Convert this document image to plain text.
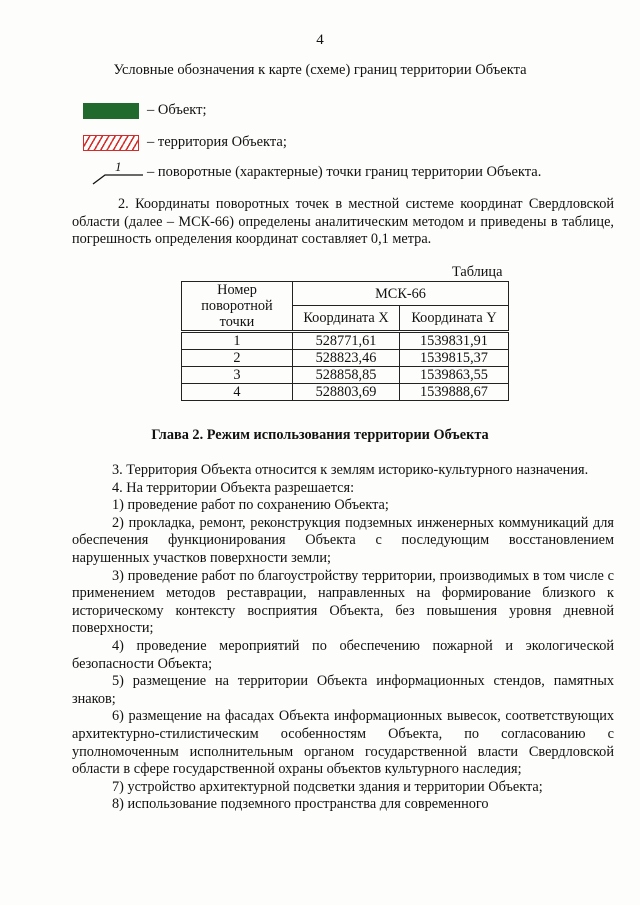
4
Условные обозначения к карте (схеме) границ территории Объекта
– Объект;
– территория Объекта;
1 – поворотные (характерные) точки границ территории Объекта.
2. Координаты поворотных точек в местной системе координат Свердловской области (далее – МСК-66) определены аналитическим методом и приведены в таблице, погрешность определения координат составляет 0,1 метра.
Таблица
Номер поворотной точки	МСК-66	
	Координата X	Координата Y
1	528771,61	1539831,91
2	528823,46	1539815,37
3	528858,85	1539863,55
4	528803,69	1539888,67
Глава 2. Режим использования территории Объекта

3. Территория Объекта относится к землям историко-культурного назначения.

4. На территории Объекта разрешается:

1) проведение работ по сохранению Объекта;

2) прокладка, ремонт, реконструкция подземных инженерных коммуникаций для обеспечения функционирования Объекта с последующим восстановлением нарушенных участков поверхности земли;

3) проведение работ по благоустройству территории, производимых в том числе с применением методов реставрации, направленных на формирование близкого к историческому контексту восприятия Объекта, без повышения уровня дневной поверхности;

4) проведение мероприятий по обеспечению пожарной и экологической безопасности Объекта;

5) размещение на территории Объекта информационных стендов, памятных знаков;

6) размещение на фасадах Объекта информационных вывесок, соответствующих архитектурно-стилистическим особенностям Объекта, по согласованию с уполномоченным исполнительным органом государственной власти Свердловской области в сфере государственной охраны объектов культурного наследия;

7) устройство архитектурной подсветки здания и территории Объекта;

8) использование подземного пространства для современного
